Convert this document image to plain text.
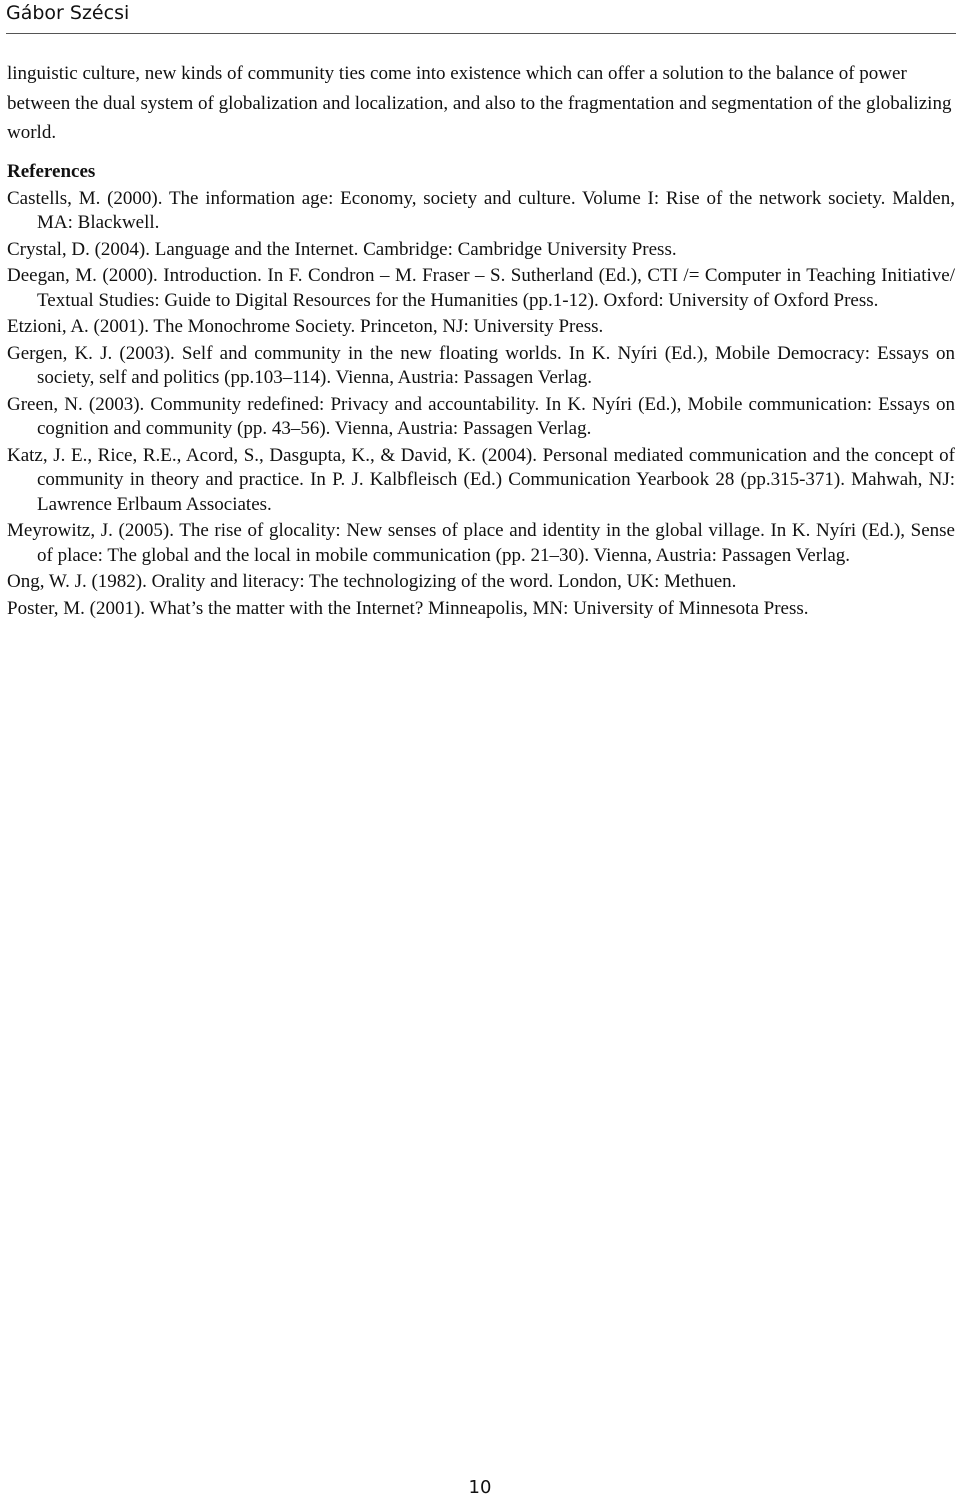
Gábor Szécsi

linguistic culture, new kinds of community ties come into existence which can offer a solution to the balance of power between the dual system of globalization and localization, and also to the fragmentation and segmentation of the globalizing world.

References

Castells, M. (2000). The information age: Economy, society and culture. Volume I: Rise of the network society. Malden, MA: Blackwell.

Crystal, D. (2004). Language and the Internet. Cambridge: Cambridge University Press.

Deegan, M. (2000). Introduction. In F. Condron – M. Fraser – S. Sutherland (Ed.), CTI /= Computer in Teaching Initiative/ Textual Studies: Guide to Digital Resources for the Humanities (pp.1-12). Oxford: University of Oxford Press.

Etzioni, A. (2001). The Monochrome Society. Princeton, NJ: University Press.

Gergen, K. J. (2003). Self and community in the new floating worlds. In K. Nyíri (Ed.), Mobile Democracy: Essays on society, self and politics (pp.103–114). Vienna, Austria: Passagen Verlag.

Green, N. (2003). Community redefined: Privacy and accountability. In K. Nyíri (Ed.), Mobile communication: Essays on cognition and community (pp. 43–56). Vienna, Austria: Passagen Verlag.

Katz, J. E., Rice, R.E., Acord, S., Dasgupta, K., & David, K. (2004). Personal mediated communication and the concept of community in theory and practice. In P. J. Kalbfleisch (Ed.) Communication Yearbook 28 (pp.315-371). Mahwah, NJ: Lawrence Erlbaum Associates.

Meyrowitz, J. (2005). The rise of glocality: New senses of place and identity in the global village. In K. Nyíri (Ed.), Sense of place: The global and the local in mobile communication (pp. 21–30). Vienna, Austria: Passagen Verlag.

Ong, W. J. (1982). Orality and literacy: The technologizing of the word. London, UK: Methuen.

Poster, M. (2001). What’s the matter with the Internet? Minneapolis, MN: University of Minnesota Press.

10
